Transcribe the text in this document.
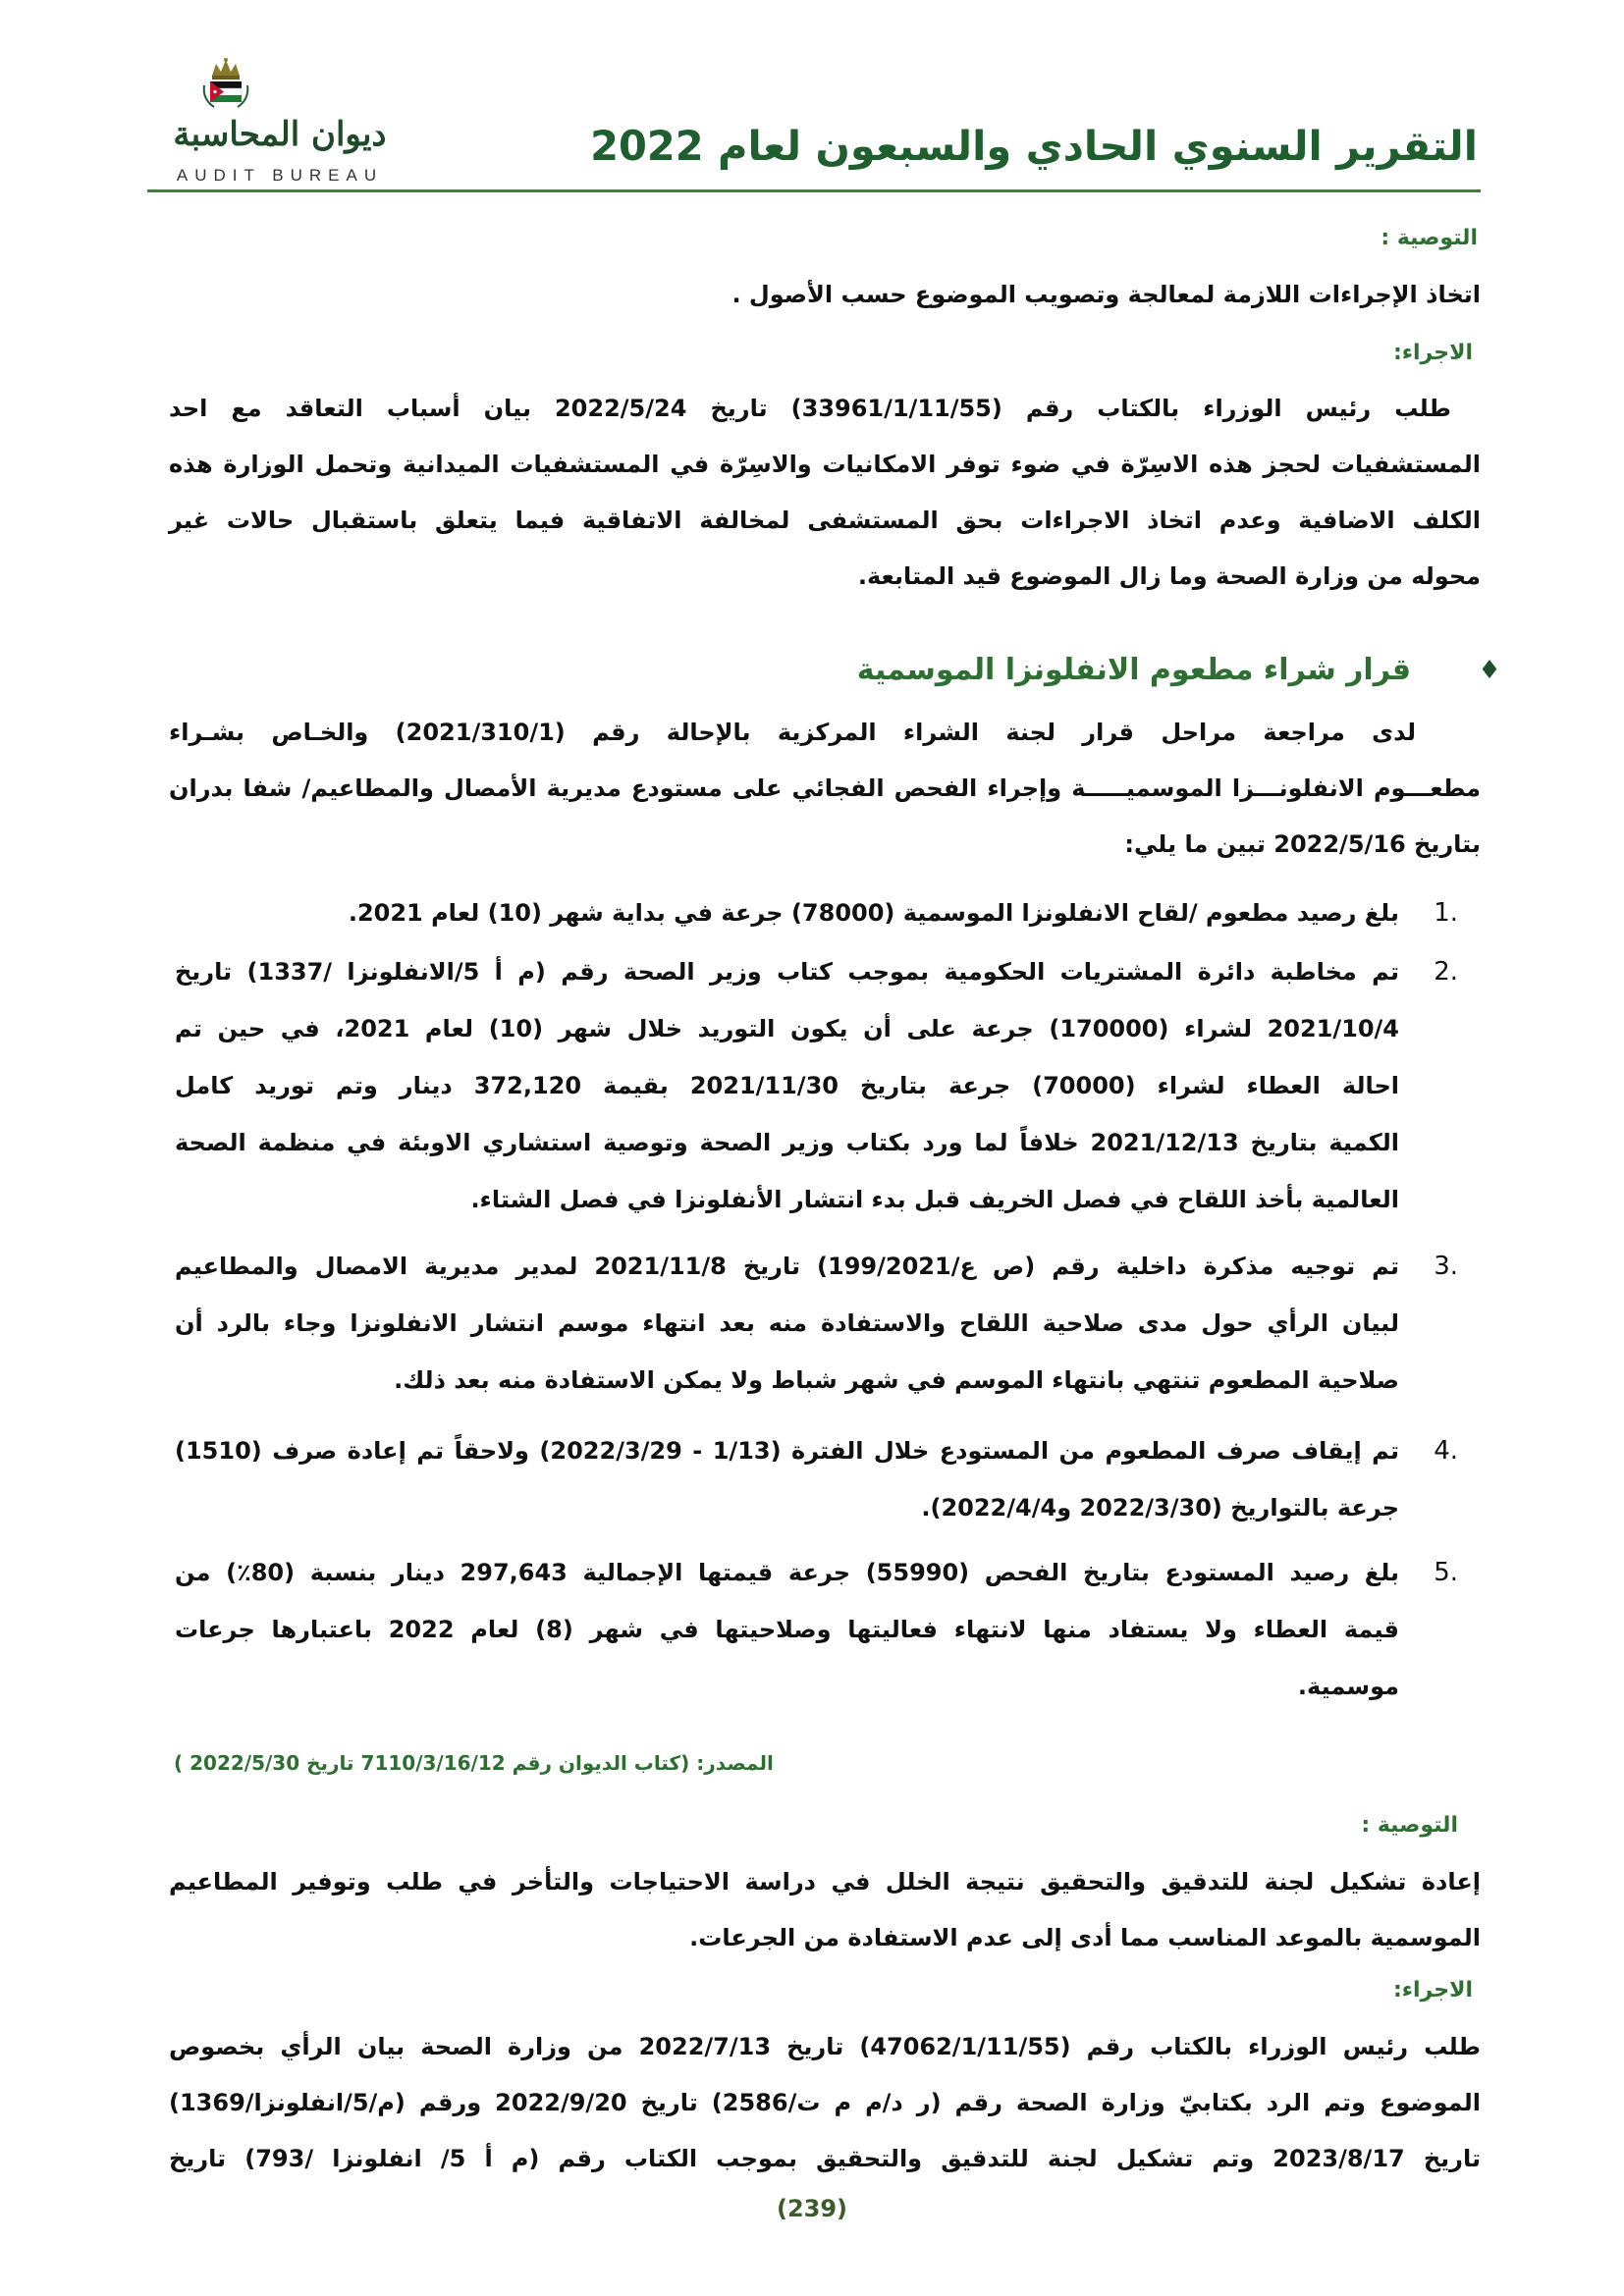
ديوان المحاسبة
AUDIT BUREAU
التقرير السنوي الحادي والسبعون لعام 2022
التوصية :
اتخاذ الإجراءات اللازمة لمعالجة وتصويب الموضوع حسب الأصول .
الاجراء:
طلب رئيس الوزراء بالكتاب رقم (33961/1/11/55) تاريخ 2022/5/24 بيان أسباب التعاقد مع احد
المستشفيات لحجز هذه الاسِرّة في ضوء توفر الامكانيات والاسِرّة في المستشفيات الميدانية وتحمل الوزارة هذه
الكلف الاضافية وعدم اتخاذ الاجراءات بحق المستشفى لمخالفة الاتفاقية فيما يتعلق باستقبال حالات غير
محوله من وزارة الصحة وما زال الموضوع قيد المتابعة.
♦
قرار شراء مطعوم الانفلونزا الموسمية
لدى مراجعة مراحل قرار لجنة الشراء المركزية بالإحالة رقم (2021/310/1) والخـاص بشـراء
مطعـــوم الانفلونـــزا الموسميـــــة وإجراء الفحص الفجائي على مستودع مديرية الأمصال والمطاعيم/ شفا بدران
بتاريخ 2022/5/16 تبين ما يلي:
1.
بلغ رصيد مطعوم /لقاح الانفلونزا الموسمية (78000) جرعة في بداية شهر (10) لعام 2021.
2.
تم مخاطبة دائرة المشتريات الحكومية بموجب كتاب وزير الصحة رقم (م أ 5/الانفلونزا /1337) تاريخ
2021/10/4 لشراء (170000) جرعة على أن يكون التوريد خلال شهر (10) لعام 2021، في حين تم
احالة العطاء لشراء (70000) جرعة بتاريخ 2021/11/30 بقيمة 372,120 دينار وتم توريد كامل
الكمية بتاريخ 2021/12/13 خلافاً لما ورد بكتاب وزير الصحة وتوصية استشاري الاوبئة في منظمة الصحة
العالمية بأخذ اللقاح في فصل الخريف قبل بدء انتشار الأنفلونزا في فصل الشتاء.
3.
تم توجيه مذكرة داخلية رقم (ص ع/199/2021) تاريخ 2021/11/8 لمدير مديرية الامصال والمطاعيم
لبيان الرأي حول مدى صلاحية اللقاح والاستفادة منه بعد انتهاء موسم انتشار الانفلونزا وجاء بالرد أن
صلاحية المطعوم تنتهي بانتهاء الموسم في شهر شباط ولا يمكن الاستفادة منه بعد ذلك.
4.
تم إيقاف صرف المطعوم من المستودع خلال الفترة (1/13 - 2022/3/29) ولاحقاً تم إعادة صرف (1510)
جرعة بالتواريخ (2022/3/30 و2022/4/4).
5.
بلغ رصيد المستودع بتاريخ الفحص (55990) جرعة قيمتها الإجمالية 297,643 دينار بنسبة (80٪) من
قيمة العطاء ولا يستفاد منها لانتهاء فعاليتها وصلاحيتها في شهر (8) لعام 2022 باعتبارها جرعات
موسمية.
المصدر: (كتاب الديوان رقم 7110/3/16/12 تاريخ 2022/5/30 )
التوصية :
إعادة تشكيل لجنة للتدقيق والتحقيق نتيجة الخلل في دراسة الاحتياجات والتأخر في طلب وتوفير المطاعيم
الموسمية بالموعد المناسب مما أدى إلى عدم الاستفادة من الجرعات.
الاجراء:
طلب رئيس الوزراء بالكتاب رقم (47062/1/11/55) تاريخ 2022/7/13 من وزارة الصحة بيان الرأي بخصوص
الموضوع وتم الرد بكتابيّ وزارة الصحة رقم (ر د/م م ت/2586) تاريخ 2022/9/20 ورقم (م/5/انفلونزا/1369)
تاريخ 2023/8/17 وتم تشكيل لجنة للتدقيق والتحقيق بموجب الكتاب رقم (م أ 5/ انفلونزا /793) تاريخ
(239)
